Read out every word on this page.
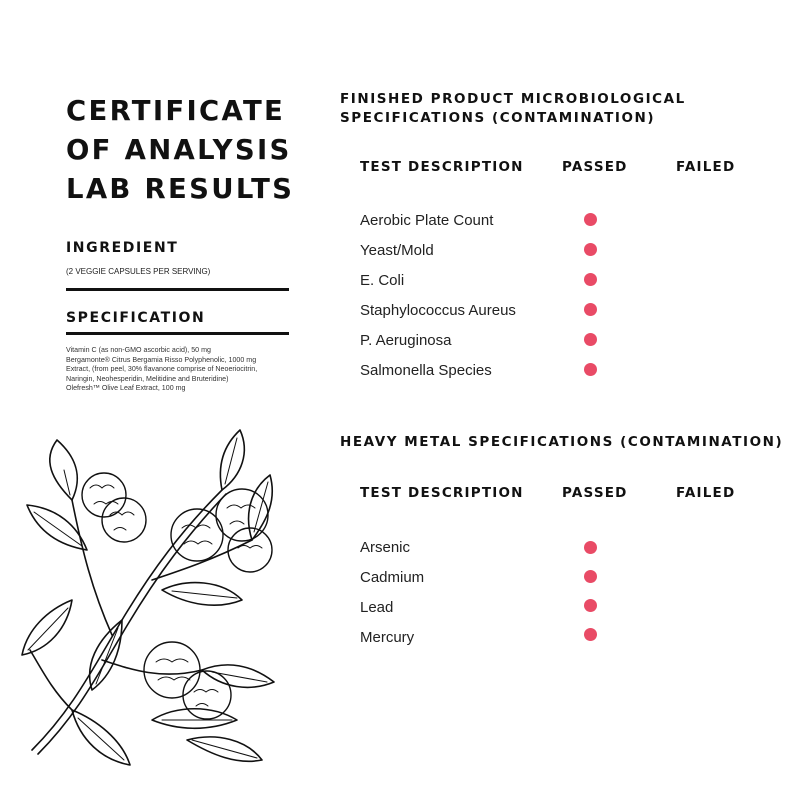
CERTIFICATE
OF ANALYSIS
LAB RESULTS
INGREDIENT
(2 VEGGIE CAPSULES PER SERVING)
SPECIFICATION
Vitamin C (as non-GMO ascorbic acid), 50 mg
Bergamonte® Citrus Bergamia Risso Polyphenolic, 1000 mg
Extract, (from peel, 30% flavanone comprise of Neoeriocitrin,
Naringin, Neohesperidin, Melitidine and Bruteridine)
Olefresh™ Olive Leaf Extract, 100 mg
FINISHED PRODUCT MICROBIOLOGICAL
SPECIFICATIONS (CONTAMINATION)
TEST DESCRIPTION	PASSED	FAILED
Aerobic Plate Count
Yeast/Mold
E. Coli
Staphylococcus Aureus
P. Aeruginosa
Salmonella Species
HEAVY METAL SPECIFICATIONS (CONTAMINATION)
TEST DESCRIPTION	PASSED	FAILED
Arsenic
Cadmium
Lead
Mercury
